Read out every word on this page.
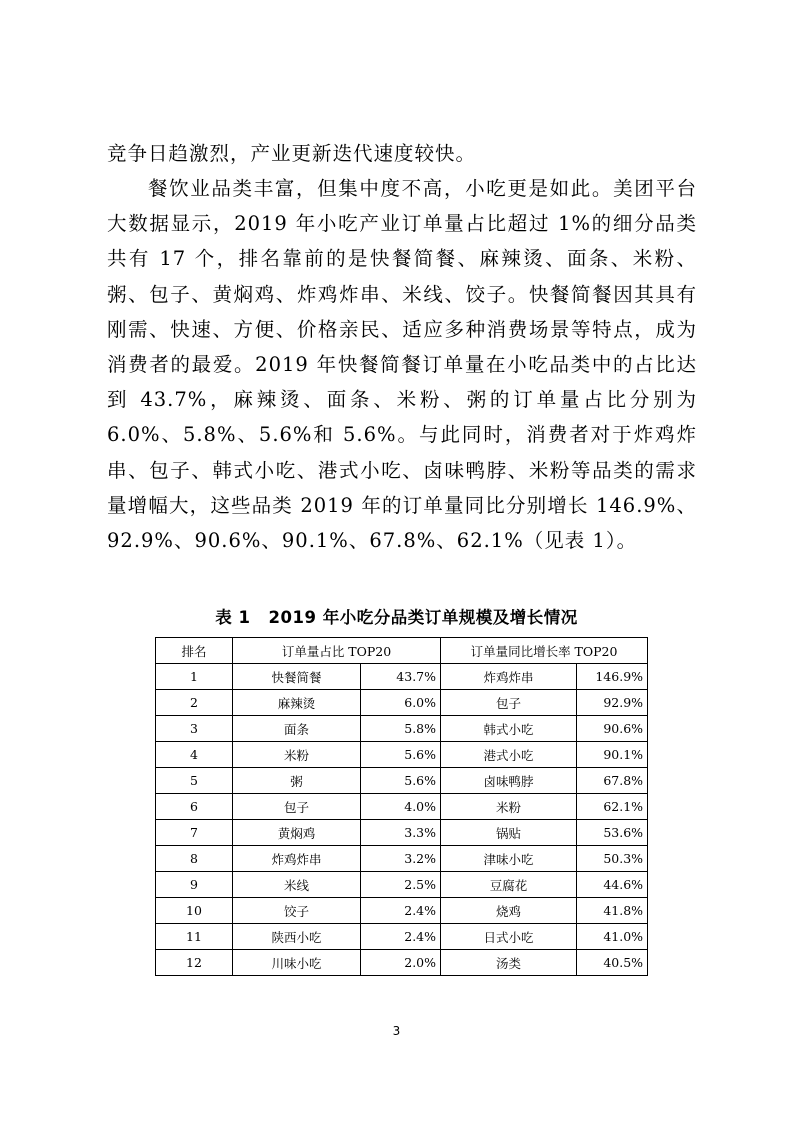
竞争日趋激烈，产业更新迭代速度较快。

餐饮业品类丰富，但集中度不高，小吃更是如此。美团平台大数据显示，2019 年小吃产业订单量占比超过 1%的细分品类共有 17 个，排名靠前的是快餐简餐、麻辣烫、面条、米粉、粥、包子、黄焖鸡、炸鸡炸串、米线、饺子。快餐简餐因其具有刚需、快速、方便、价格亲民、适应多种消费场景等特点，成为消费者的最爱。2019 年快餐简餐订单量在小吃品类中的占比达到 43.7%，麻辣烫、面条、米粉、粥的订单量占比分别为 6.0%、5.8%、5.6%和 5.6%。与此同时，消费者对于炸鸡炸串、包子、韩式小吃、港式小吃、卤味鸭脖、米粉等品类的需求量增幅大，这些品类 2019 年的订单量同比分别增长 146.9%、92.9%、90.6%、90.1%、67.8%、62.1%（见表 1）。

表 1 2019 年小吃分品类订单规模及增长情况
排名	订单量占比 TOP20		订单量同比增长率 TOP20	
1	快餐简餐	43.7%	炸鸡炸串	146.9%
2	麻辣烫	6.0%	包子	92.9%
3	面条	5.8%	韩式小吃	90.6%
4	米粉	5.6%	港式小吃	90.1%
5	粥	5.6%	卤味鸭脖	67.8%
6	包子	4.0%	米粉	62.1%
7	黄焖鸡	3.3%	锅贴	53.6%
8	炸鸡炸串	3.2%	津味小吃	50.3%
9	米线	2.5%	豆腐花	44.6%
10	饺子	2.4%	烧鸡	41.8%
11	陕西小吃	2.4%	日式小吃	41.0%
12	川味小吃	2.0%	汤类	40.5%
3
